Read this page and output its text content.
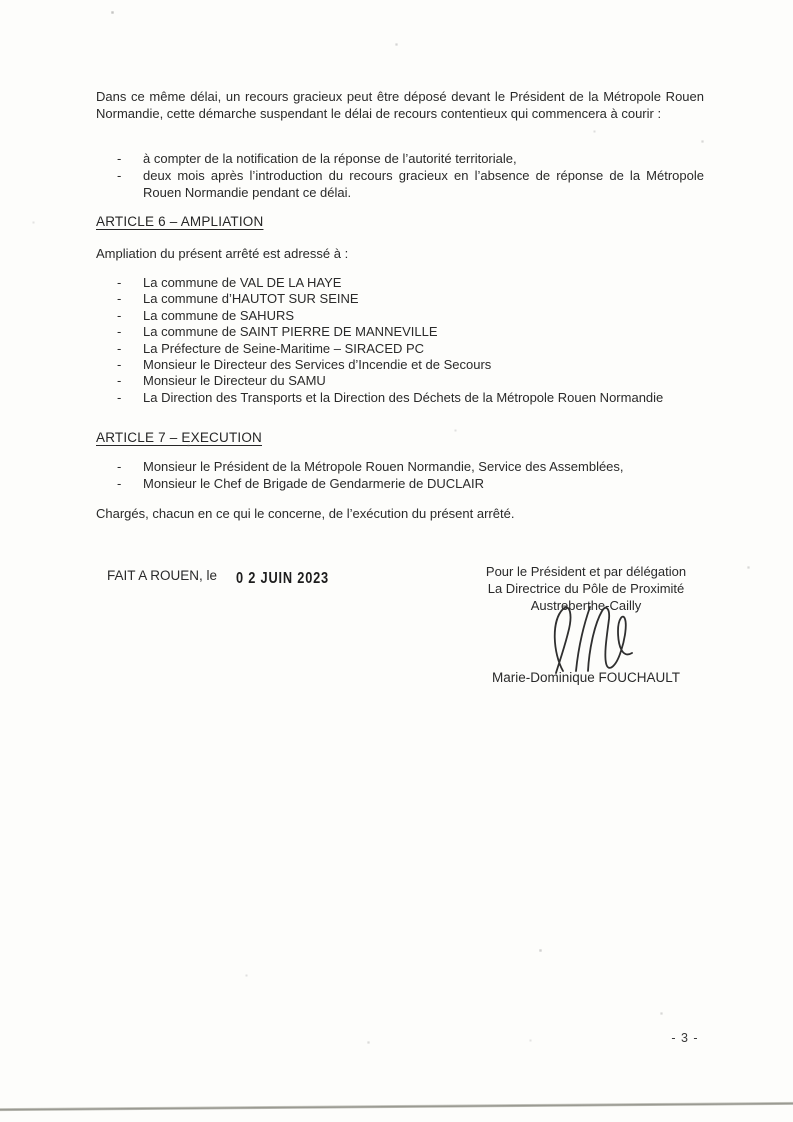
Dans ce même délai, un recours gracieux peut être déposé devant le Président de la Métropole Rouen Normandie, cette démarche suspendant le délai de recours contentieux qui commencera à courir :

-	à compter de la notification de la réponse de l’autorité territoriale,
-	deux mois après l’introduction du recours gracieux en l’absence de réponse de la Métropole Rouen Normandie pendant ce délai.
ARTICLE 6 – AMPLIATION

Ampliation du présent arrêté est adressé à :

-	La commune de VAL DE LA HAYE
-	La commune d’HAUTOT SUR SEINE
-	La commune de SAHURS
-	La commune de SAINT PIERRE DE MANNEVILLE
-	La Préfecture de Seine-Maritime – SIRACED PC
-	Monsieur le Directeur des Services d’Incendie et de Secours
-	Monsieur le Directeur du SAMU
-	La Direction des Transports et la Direction des Déchets de la Métropole Rouen Normandie
ARTICLE 7 – EXECUTION
-	Monsieur le Président de la Métropole Rouen Normandie, Service des Assemblées,
-	Monsieur le Chef de Brigade de Gendarmerie de DUCLAIR

Chargés, chacun en ce qui le concerne, de l’exécution du présent arrêté.

FAIT A ROUEN, le 0 2 JUIN 2023	Pour le Président et par délégation
La Directrice du Pôle de Proximité
Austreberthe-Cailly
Marie-Dominique FOUCHAULT
- 3 -
